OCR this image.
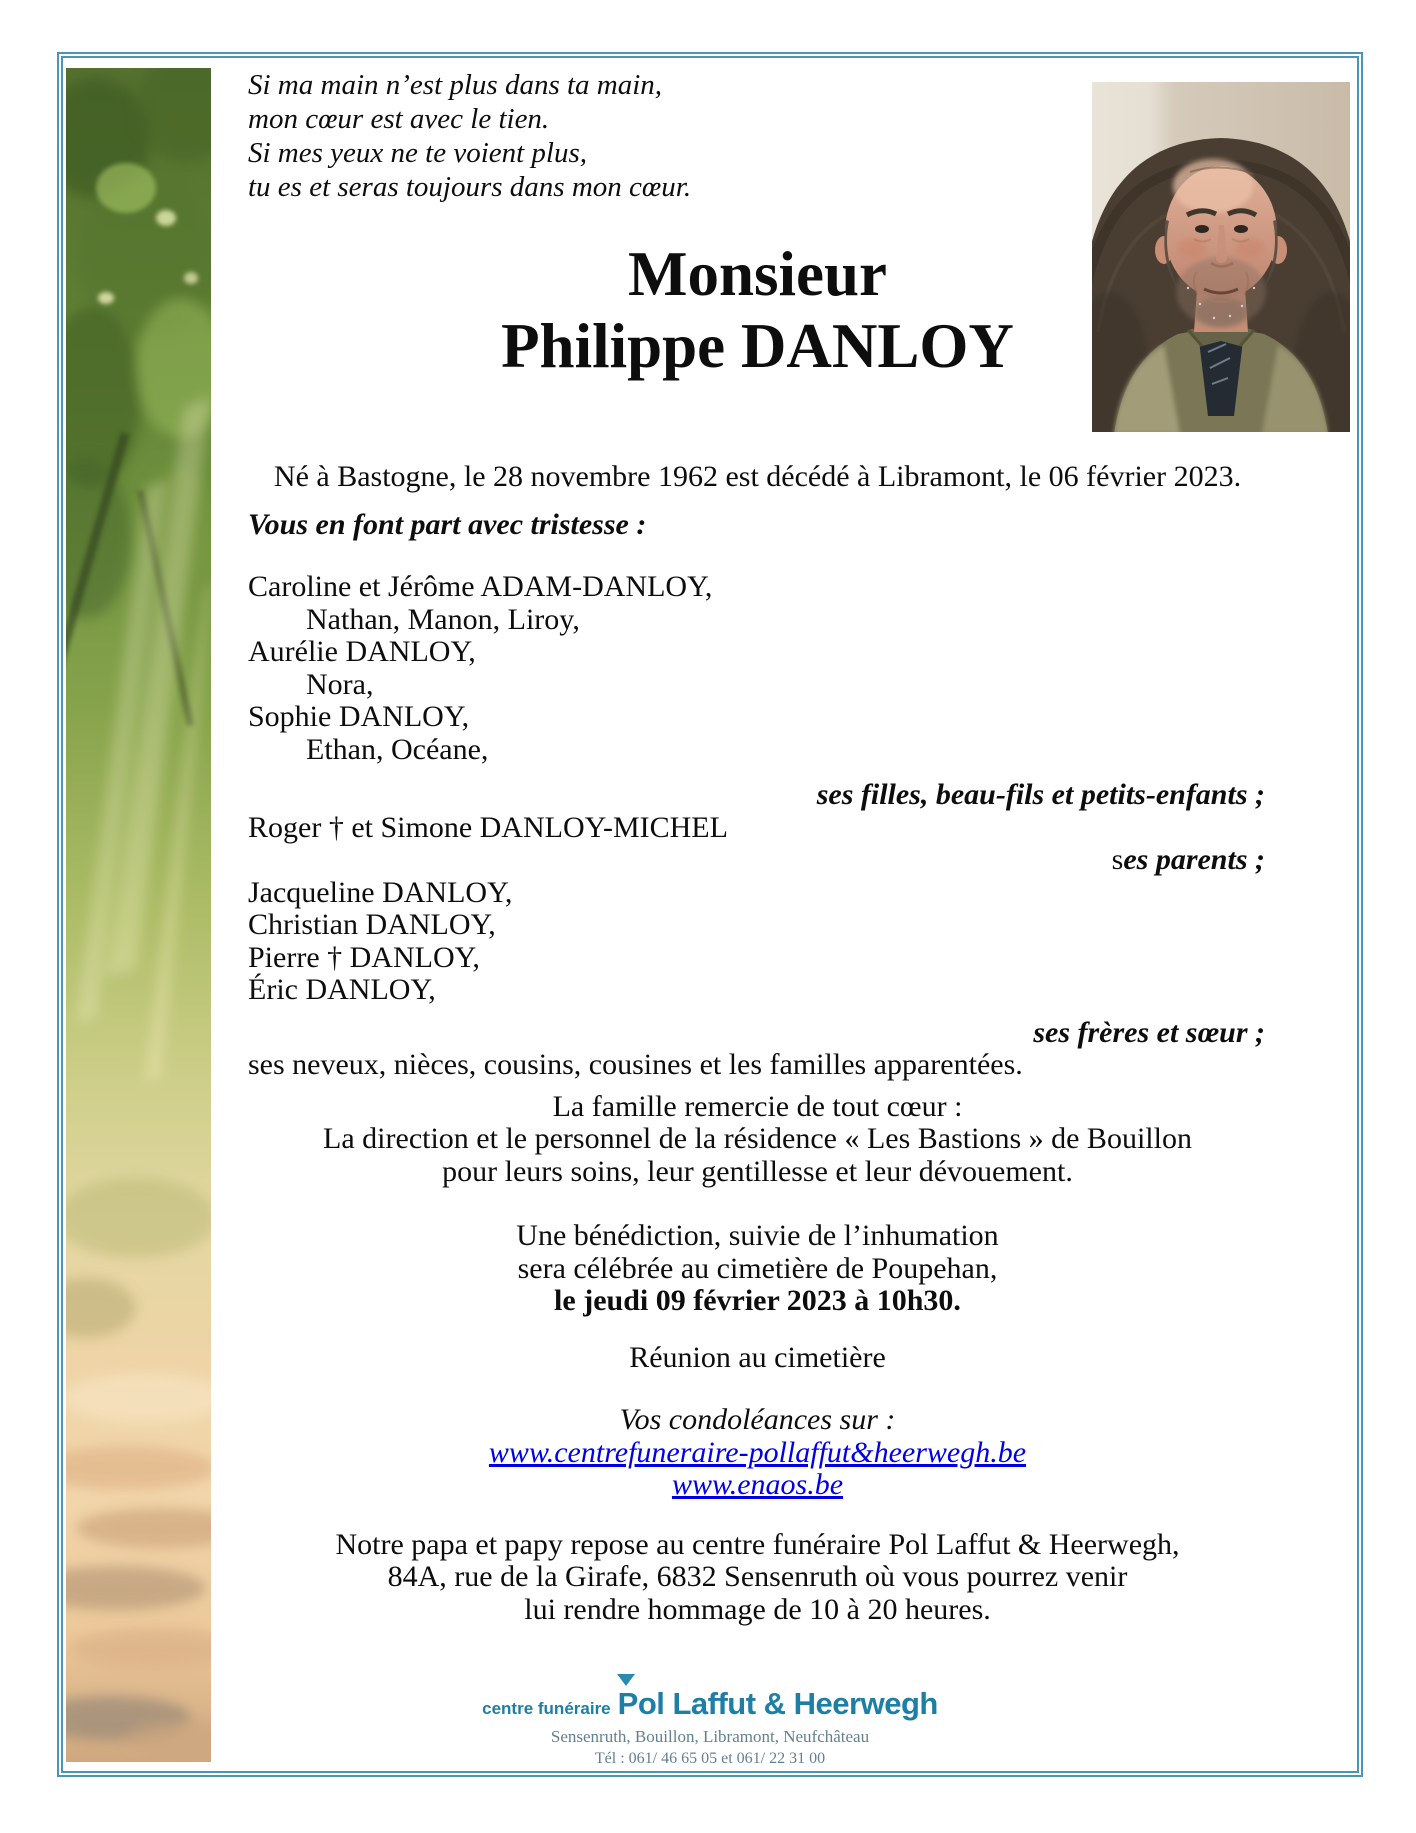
Si ma main n’est plus dans ta main,
mon cœur est avec le tien.
Si mes yeux ne te voient plus,
tu es et seras toujours dans mon cœur.
Monsieur
Philippe DANLOY
Né à Bastogne, le 28 novembre 1962 est décédé à Libramont, le 06 février 2023.
Vous en font part avec tristesse :
Caroline et Jérôme ADAM-DANLOY,
Nathan, Manon, Liroy,
Aurélie DANLOY,
Nora,
Sophie DANLOY,
Ethan, Océane,
ses filles, beau-fils et petits-enfants ;
Roger † et Simone DANLOY-MICHEL
ses parents ;
Jacqueline DANLOY,
Christian DANLOY,
Pierre † DANLOY,
Éric DANLOY,
ses frères et sœur ;
ses neveux, nièces, cousins, cousines et les familles apparentées.
La famille remercie de tout cœur :
La direction et le personnel de la résidence « Les Bastions » de Bouillon
pour leurs soins, leur gentillesse et leur dévouement.
Une bénédiction, suivie de l’inhumation
sera célébrée au cimetière de Poupehan,
le jeudi 09 février 2023 à 10h30.
Réunion au cimetière
Vos condoléances sur :
www.centrefuneraire-pollaffut&heerwegh.be
www.enaos.be
Notre papa et papy repose au centre funéraire Pol Laffut & Heerwegh,
84A, rue de la Girafe, 6832 Sensenruth où vous pourrez venir
lui rendre hommage de 10 à 20 heures.
centre funéraire Pol Laffut & Heerwegh
Sensenruth, Bouillon, Libramont, Neufchâteau
Tél : 061/ 46 65 05 et 061/ 22 31 00
